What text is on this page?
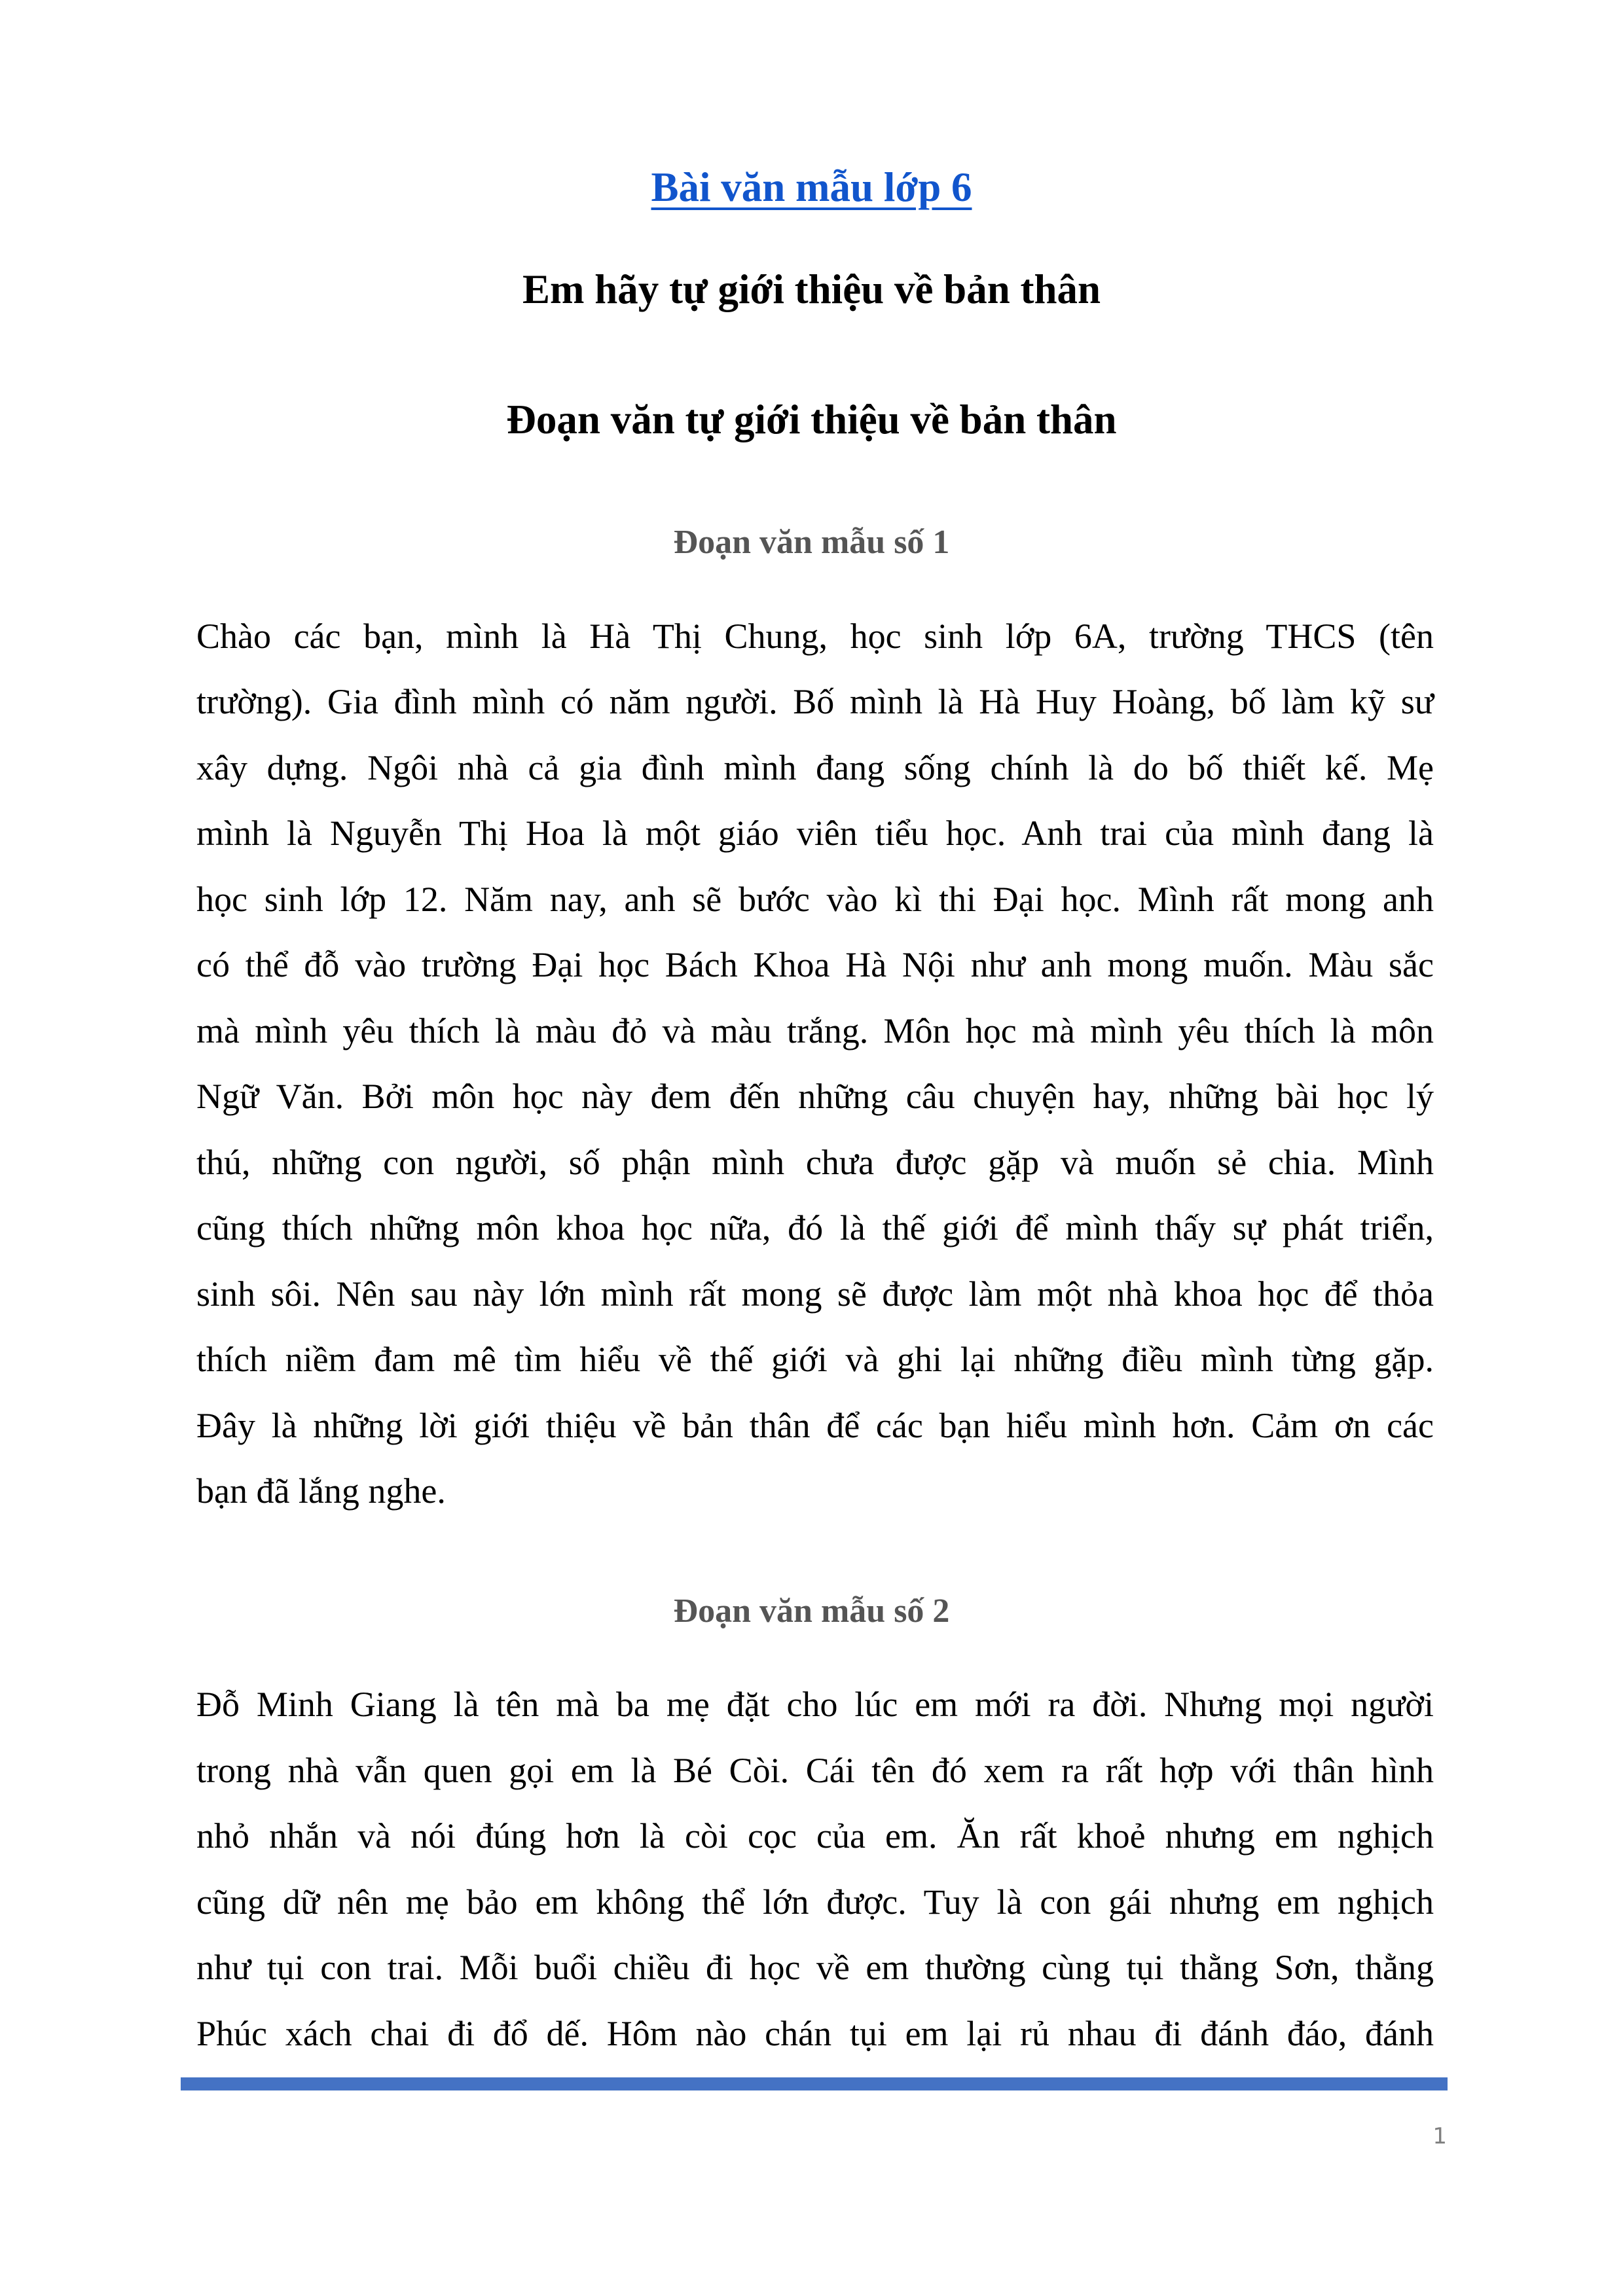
Bài văn mẫu lớp 6
Em hãy tự giới thiệu về bản thân
Đoạn văn tự giới thiệu về bản thân
Đoạn văn mẫu số 1
Chào các bạn, mình là Hà Thị Chung, học sinh lớp 6A, trường THCS (tên
trường). Gia đình mình có năm người. Bố mình là Hà Huy Hoàng, bố làm kỹ sư
xây dựng. Ngôi nhà cả gia đình mình đang sống chính là do bố thiết kế. Mẹ
mình là Nguyễn Thị Hoa là một giáo viên tiểu học. Anh trai của mình đang là
học sinh lớp 12. Năm nay, anh sẽ bước vào kì thi Đại học. Mình rất mong anh
có thể đỗ vào trường Đại học Bách Khoa Hà Nội như anh mong muốn. Màu sắc
mà mình yêu thích là màu đỏ và màu trắng. Môn học mà mình yêu thích là môn
Ngữ Văn. Bởi môn học này đem đến những câu chuyện hay, những bài học lý
thú, những con người, số phận mình chưa được gặp và muốn sẻ chia. Mình
cũng thích những môn khoa học nữa, đó là thế giới để mình thấy sự phát triển,
sinh sôi. Nên sau này lớn mình rất mong sẽ được làm một nhà khoa học để thỏa
thích niềm đam mê tìm hiểu về thế giới và ghi lại những điều mình từng gặp.
Đây là những lời giới thiệu về bản thân để các bạn hiểu mình hơn. Cảm ơn các
bạn đã lắng nghe.
Đoạn văn mẫu số 2
Đỗ Minh Giang là tên mà ba mẹ đặt cho lúc em mới ra đời. Nhưng mọi người
trong nhà vẫn quen gọi em là Bé Còi. Cái tên đó xem ra rất hợp với thân hình
nhỏ nhắn và nói đúng hơn là còi cọc của em. Ăn rất khoẻ nhưng em nghịch
cũng dữ nên mẹ bảo em không thể lớn được. Tuy là con gái nhưng em nghịch
như tụi con trai. Mỗi buổi chiều đi học về em thường cùng tụi thằng Sơn, thằng
Phúc xách chai đi đổ dế. Hôm nào chán tụi em lại rủ nhau đi đánh đáo, đánh
1
